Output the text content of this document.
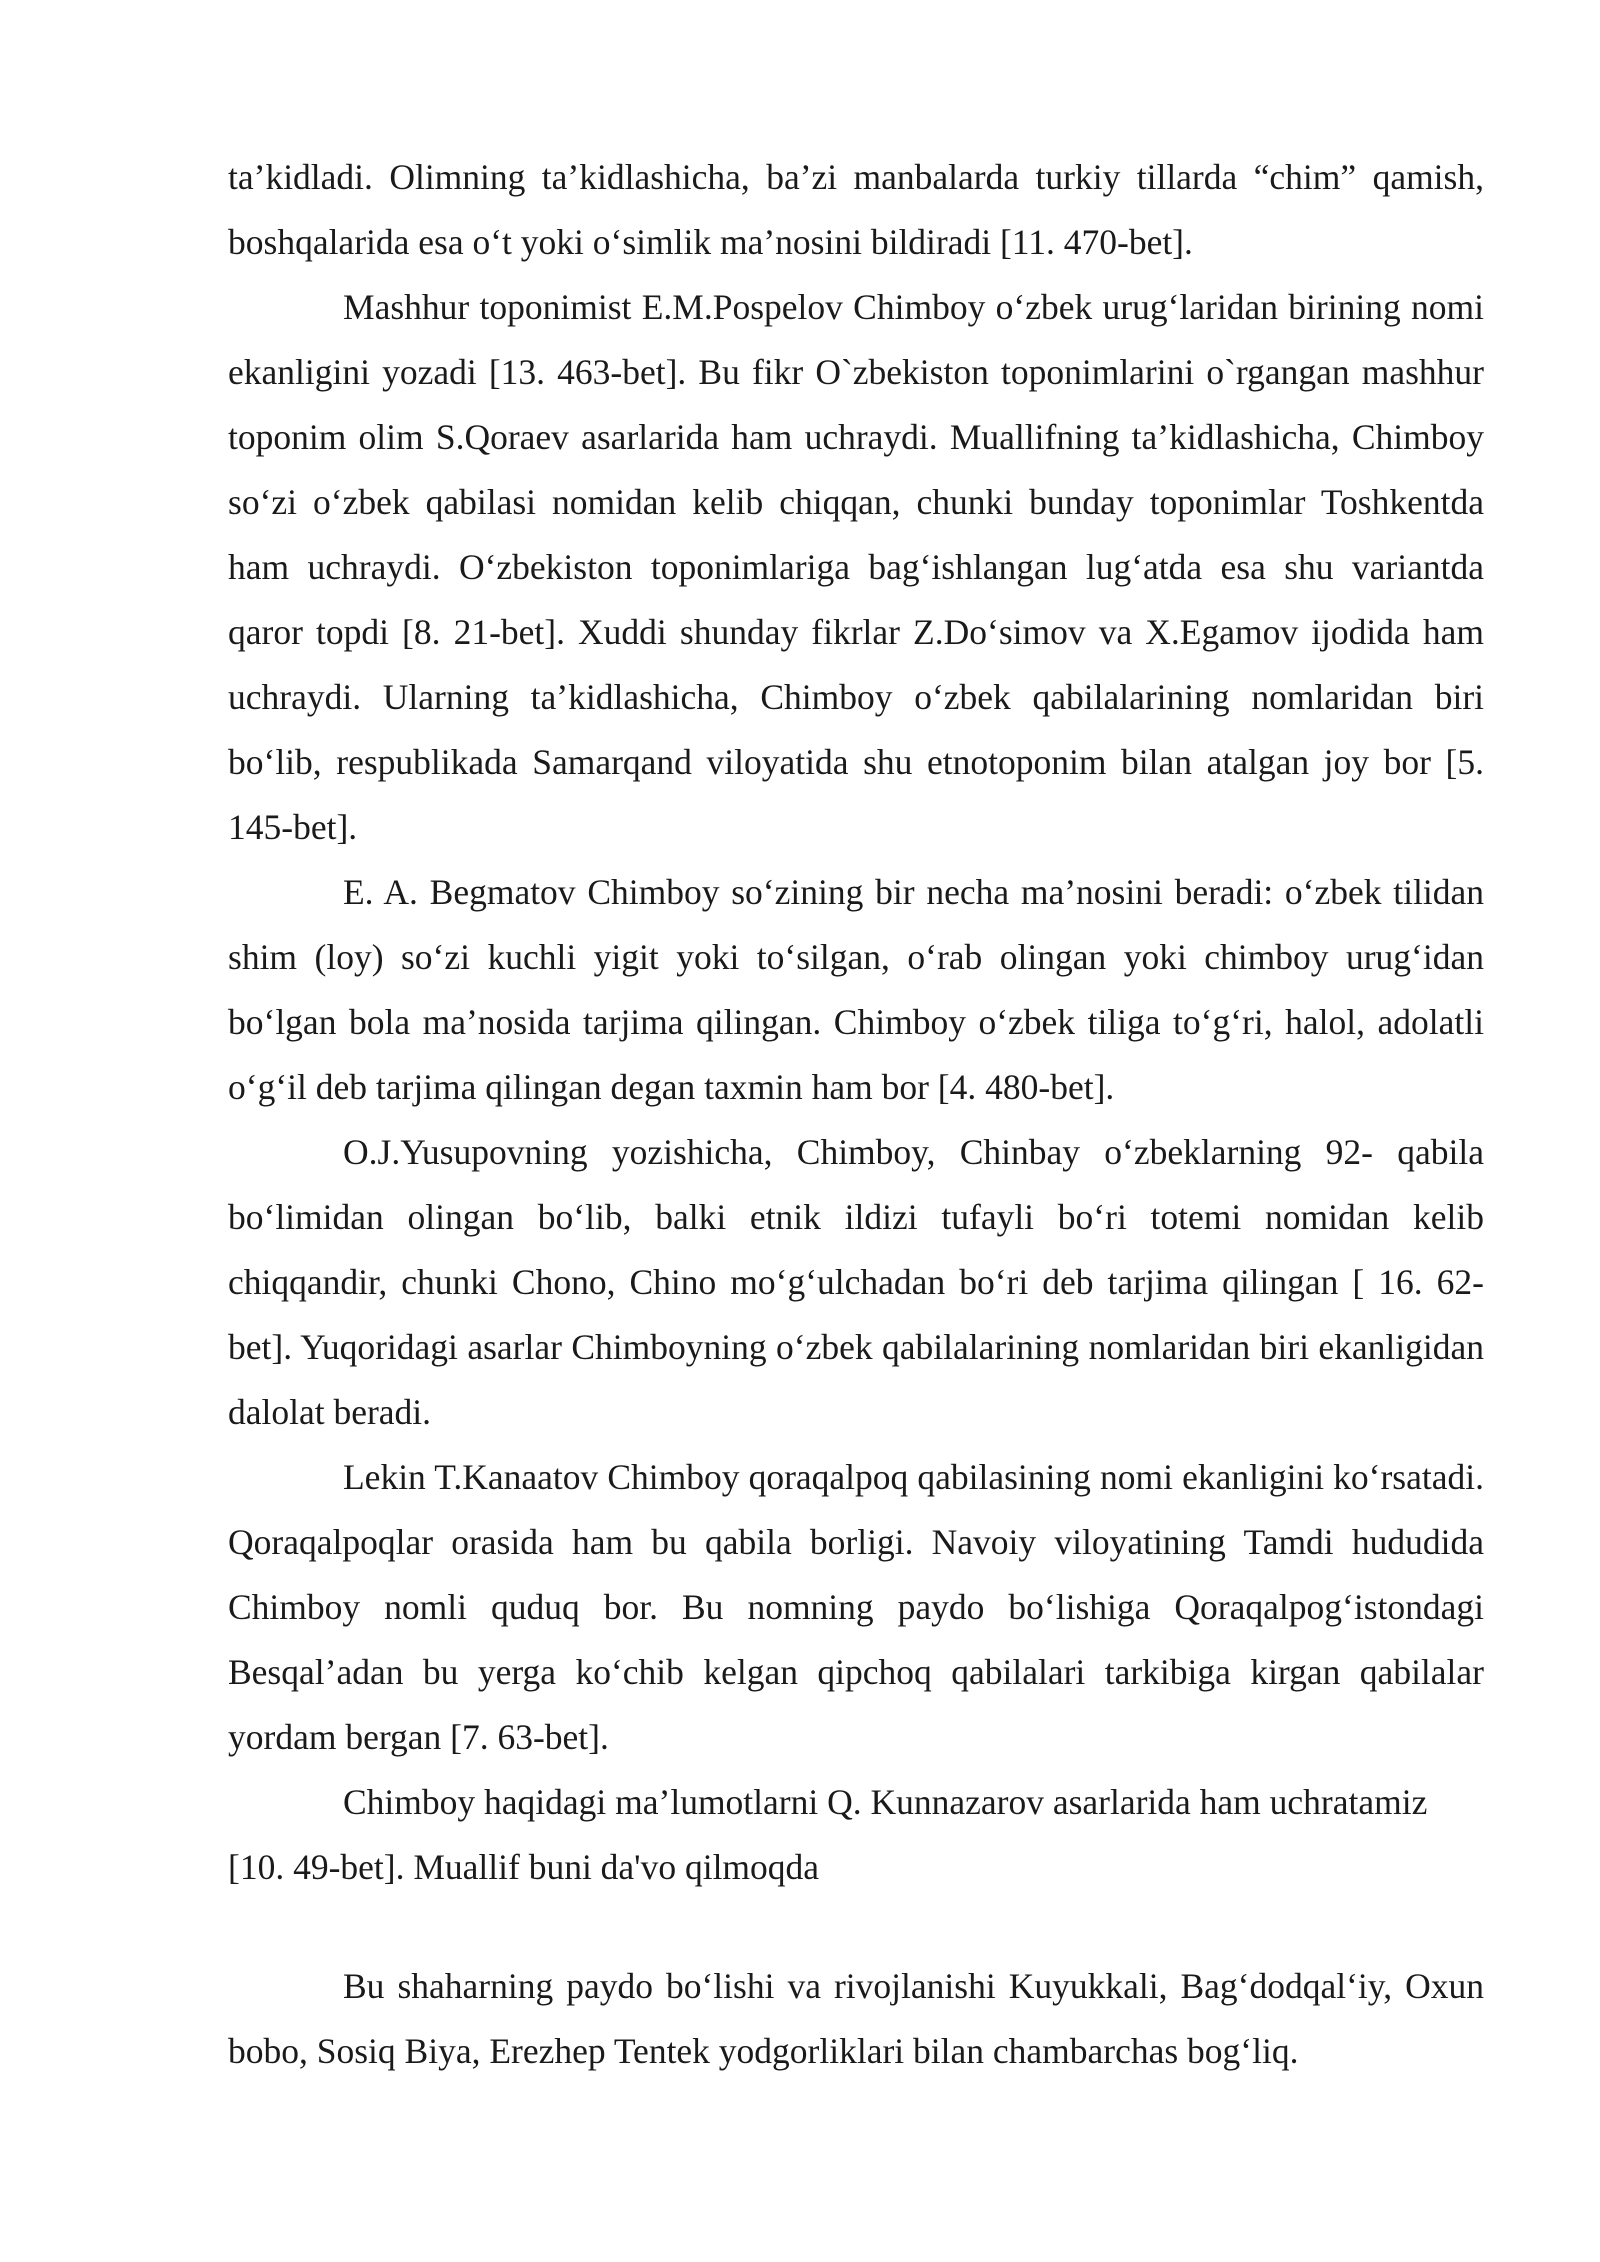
ta’kidladi. Olimning ta’kidlashicha, ba’zi manbalarda turkiy tillarda “chim” qamish, boshqalarida esa o‘t yoki o‘simlik ma’nosini bildiradi [11. 470-bet].

Mashhur toponimist E.M.Pospelov Chimboy o‘zbek urug‘laridan birining nomi ekanligini yozadi [13. 463-bet]. Bu fikr O`zbekiston toponimlarini o`rgangan mashhur toponim olim S.Qoraev asarlarida ham uchraydi. Muallifning ta’kidlashicha, Chimboy so‘zi o‘zbek qabilasi nomidan kelib chiqqan, chunki bunday toponimlar Toshkentda ham uchraydi. O‘zbekiston toponimlariga bag‘ishlangan lug‘atda esa shu variantda qaror topdi [8. 21-bet]. Xuddi shunday fikrlar Z.Do‘simov va X.Egamov ijodida ham uchraydi. Ularning ta’kidlashicha, Chimboy o‘zbek qabilalarining nomlaridan biri bo‘lib, respublikada Samarqand viloyatida shu etnotoponim bilan atalgan joy bor [5. 145-bet].

E. A. Begmatov Chimboy so‘zining bir necha ma’nosini beradi: o‘zbek tilidan shim (loy) so‘zi kuchli yigit yoki to‘silgan, o‘rab olingan yoki chimboy urug‘idan bo‘lgan bola ma’nosida tarjima qilingan. Chimboy o‘zbek tiliga to‘g‘ri, halol, adolatli o‘g‘il deb tarjima qilingan degan taxmin ham bor [4. 480-bet].

O.J.Yusupovning yozishicha, Chimboy, Chinbay o‘zbeklarning 92- qabila bo‘limidan olingan bo‘lib, balki etnik ildizi tufayli bo‘ri totemi nomidan kelib chiqqandir, chunki Chono, Chino mo‘g‘ulchadan bo‘ri deb tarjima qilingan [ 16. 62-bet]. Yuqoridagi asarlar Chimboyning o‘zbek qabilalarining nomlaridan biri ekanligidan dalolat beradi.

Lekin T.Kanaatov Chimboy qoraqalpoq qabilasining nomi ekanligini ko‘rsatadi. Qoraqalpoqlar orasida ham bu qabila borligi. Navoiy viloyatining Tamdi hududida Chimboy nomli quduq bor. Bu nomning paydo bo‘lishiga Qoraqalpog‘istondagi Besqal’adan bu yerga ko‘chib kelgan qipchoq qabilalari tarkibiga kirgan qabilalar yordam bergan [7. 63-bet].

Chimboy haqidagi ma’lumotlarni Q. Kunnazarov asarlarida ham uchratamiz [10. 49-bet]. Muallif buni da'vo qilmoqda

Bu shaharning paydo bo‘lishi va rivojlanishi Kuyukkali, Bag‘dodqal‘iy, Oxun bobo, Sosiq Biya, Erezhep Tentek yodgorliklari bilan chambarchas bog‘liq.
